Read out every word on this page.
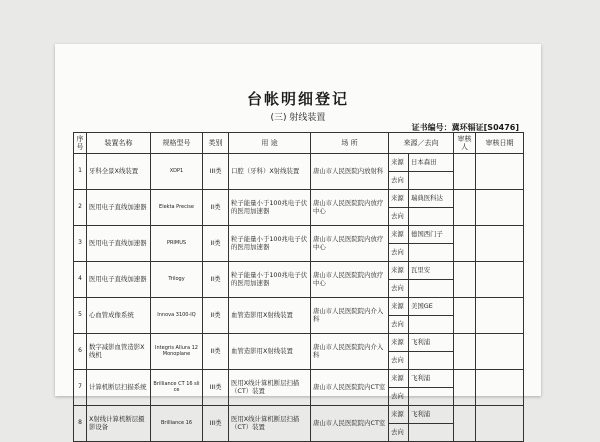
台帐明细登记
(三) 射线装置
证书编号：冀环辐证[S0476]
序号	装置名称	规格型号	类别	用 途	场 所	来源／去向		审核人	审核日期
1	牙科全景X线装置	XDP1	III类	口腔（牙科）X射线装置	唐山市人民医院内放射科	来源	日本森田		
						去向			
2	医用电子直线加速器	Elekta Precise	II类	粒子能量小于100兆电子伏的医用加速器	唐山市人民医院院内放疗中心	来源	瑞典医科达		
						去向			
3	医用电子直线加速器	PRIMUS	II类	粒子能量小于100兆电子伏的医用加速器	唐山市人民医院院内放疗中心	来源	德国西门子		
						去向			
4	医用电子直线加速器	Trilogy	II类	粒子能量小于100兆电子伏的医用加速器	唐山市人民医院院内放疗中心	来源	瓦里安		
						去向			
5	心血管成像系统	Innova 3100-IQ	II类	血管造影用X射线装置	唐山市人民医院院内介入科	来源	美国GE		
						去向			
6	数字减影血管造影X线机	Integris Allura 12 Monoplane	II类	血管造影用X射线装置	唐山市人民医院院内介入科	来源	飞利浦		
						去向			
7	计算机断层扫描系统	Brilliance CT 16 slice	III类	医用X线计算机断层扫描（CT）装置	唐山市人民医院院内CT室	来源	飞利浦		
						去向			
8	X射线计算机断层摄影设备	Brilliance 16	III类	医用X线计算机断层扫描（CT）装置	唐山市人民医院院内CT室	来源	飞利浦		
						去向			
